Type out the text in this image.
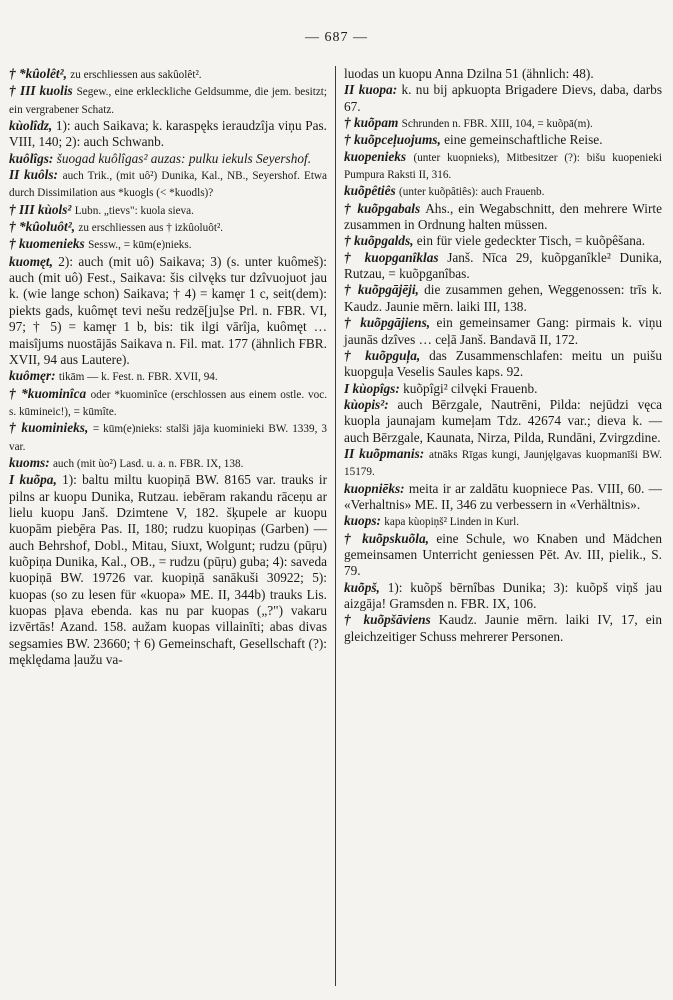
— 687 —

† *kûolêt², zu erschliessen aus sakûolêt².

† III kuolis Segew., eine erkleckliche Geldsumme, die jem. besitzt; ein vergrabener Schatz.

kùolîdz, 1): auch Saikava; k. karaspęks ieraudzîja viņu Pas. VIII, 140; 2): auch Schwanb.

kuôlîgs: šuogad kuôlîgas² auzas: pulku iekuls Seyershof.

II kuôls: auch Trik., (mit uô²) Dunika, Kal., NB., Seyershof. Etwa durch Dissimilation aus *kuogls (< *kuodls)?

† III kùols² Lubn. „tievs": kuola sieva.

† *kûoluôt², zu erschliessen aus † izkûoluôt².

† kuomenieks Sessw., = kūm(e)nieks.

kuomęt, 2): auch (mit uô) Saikava; 3) (s. unter kuômeš): auch (mit uô) Fest., Saikava: šis cilvęks tur dzîvuojuot jau k. (wie lange schon) Saikava; † 4) = kamęr 1 c, seit(dem): piekts gads, kuômęt tevi nešu redzē[ju]se Prl. n. FBR. VI, 97; † 5) = kamęr 1 b, bis: tik ilgi vārîja, kuômęt … maisîjums nuostājās Saikava n. Fil. mat. 177 (ähnlich FBR. XVII, 94 aus Lautere).

kuômęr: tikām — k. Fest. n. FBR. XVII, 94.

† *kuominîca oder *kuominîce (erschlossen aus einem ostle. voc. s. kūmineic!), = kūmîte.

† kuominieks, = kūm(e)nieks: stalši jāja kuominieki BW. 1339, 3 var.

kuoms: auch (mit ùo²) Lasd. u. a. n. FBR. IX, 138.

I kuõpa, 1): baltu miltu kuopiņā BW. 8165 var. trauks ir pilns ar kuopu Dunika, Rutzau. iebēram rakandu rāceņu ar lielu kuopu Janš. Dzimtene V, 182. šķupele ar kuopu kuopām pieb̧ēra Pas. II, 180; rudzu kuopiņas (Garben) — auch Behrshof, Dobl., Mitau, Siuxt, Wolgunt; rudzu (pūŗu) kuõpiņa Dunika, Kal., OB., = rudzu (pūŗu) guba; 4): saveda kuopiņā BW. 19726 var. kuopiņā sanākuši 30922; 5): kuopas (so zu lesen für «kuopa» ME. II, 344b) trauks Lis. kuopas pļava ebenda. kas nu par kuopas („?") vakaru izvērtās! Azand. 158. aužam kuopas villainīti; abas divas segsamies BW. 23660; † 6) Gemeinschaft, Gesellschaft (?): męklędama ļaužu va-

luodas un kuopu Anna Dzilna 51 (ähnlich: 48).

II kuopa: k. nu bij apkuopta Brigadere Dievs, daba, darbs 67.

† kuõpam Schrunden n. FBR. XIII, 104, = kuõpā(m).

† kuõpceļuojums, eine gemeinschaftliche Reise.

kuopenieks (unter kuopnieks), Mitbesitzer (?): bišu kuopenieki Pumpura Raksti II, 316.

kuõpêtiês (unter kuõpâtiês): auch Frauenb.

† kuõpgabals Ahs., ein Wegabschnitt, den mehrere Wirte zusammen in Ordnung halten müssen.

† kuõpgalds, ein für viele gedeckter Tisch, = kuõpêšana.

† kuopganîklas Janš. Nīca 29, kuõpganîkle² Dunika, Rutzau, = kuõpganîbas.

† kuõpgājēji, die zusammen gehen, Weggenossen: trīs k. Kaudz. Jaunie mērn. laiki III, 138.

† kuõpgājiens, ein gemeinsamer Gang: pirmais k. viņu jaunās dzîves … ceļā Janš. Bandavā II, 172.

† kuõpguļa, das Zusammenschlafen: meitu un puišu kuopguļa Veselis Saules kaps. 92.

I kùopîgs: kuõpîgi² cilvęki Frauenb.

kùopis²: auch Bērzgale, Nautrēni, Pilda: nejūdzi vęca kuopla jaunajam kumeļam Tdz. 42674 var.; dieva k. — auch Bērzgale, Kaunata, Nirza, Pilda, Rundāni, Zvirgzdine.

II kuõpmanis: atnāks Rīgas kungi, Jaunjęlgavas kuopmanīši BW. 15179.

kuopniēks: meita ir ar zaldātu kuopniece Pas. VIII, 60. — «Verhaltnis» ME. II, 346 zu verbessern in «Verhältnis».

kuops: kapa kùopiņš² Linden in Kurl.

† kuõpskuõla, eine Schule, wo Knaben und Mädchen gemeinsamen Unterricht geniessen Pēt. Av. III, pielik., S. 79.

kuõpš, 1): kuõpš bērnîbas Dunika; 3): kuõpš viņš jau aizgāja! Gramsden n. FBR. IX, 106.

† kuõpšāviens Kaudz. Jaunie mērn. laiki IV, 17, ein gleichzeitiger Schuss mehrerer Personen.
